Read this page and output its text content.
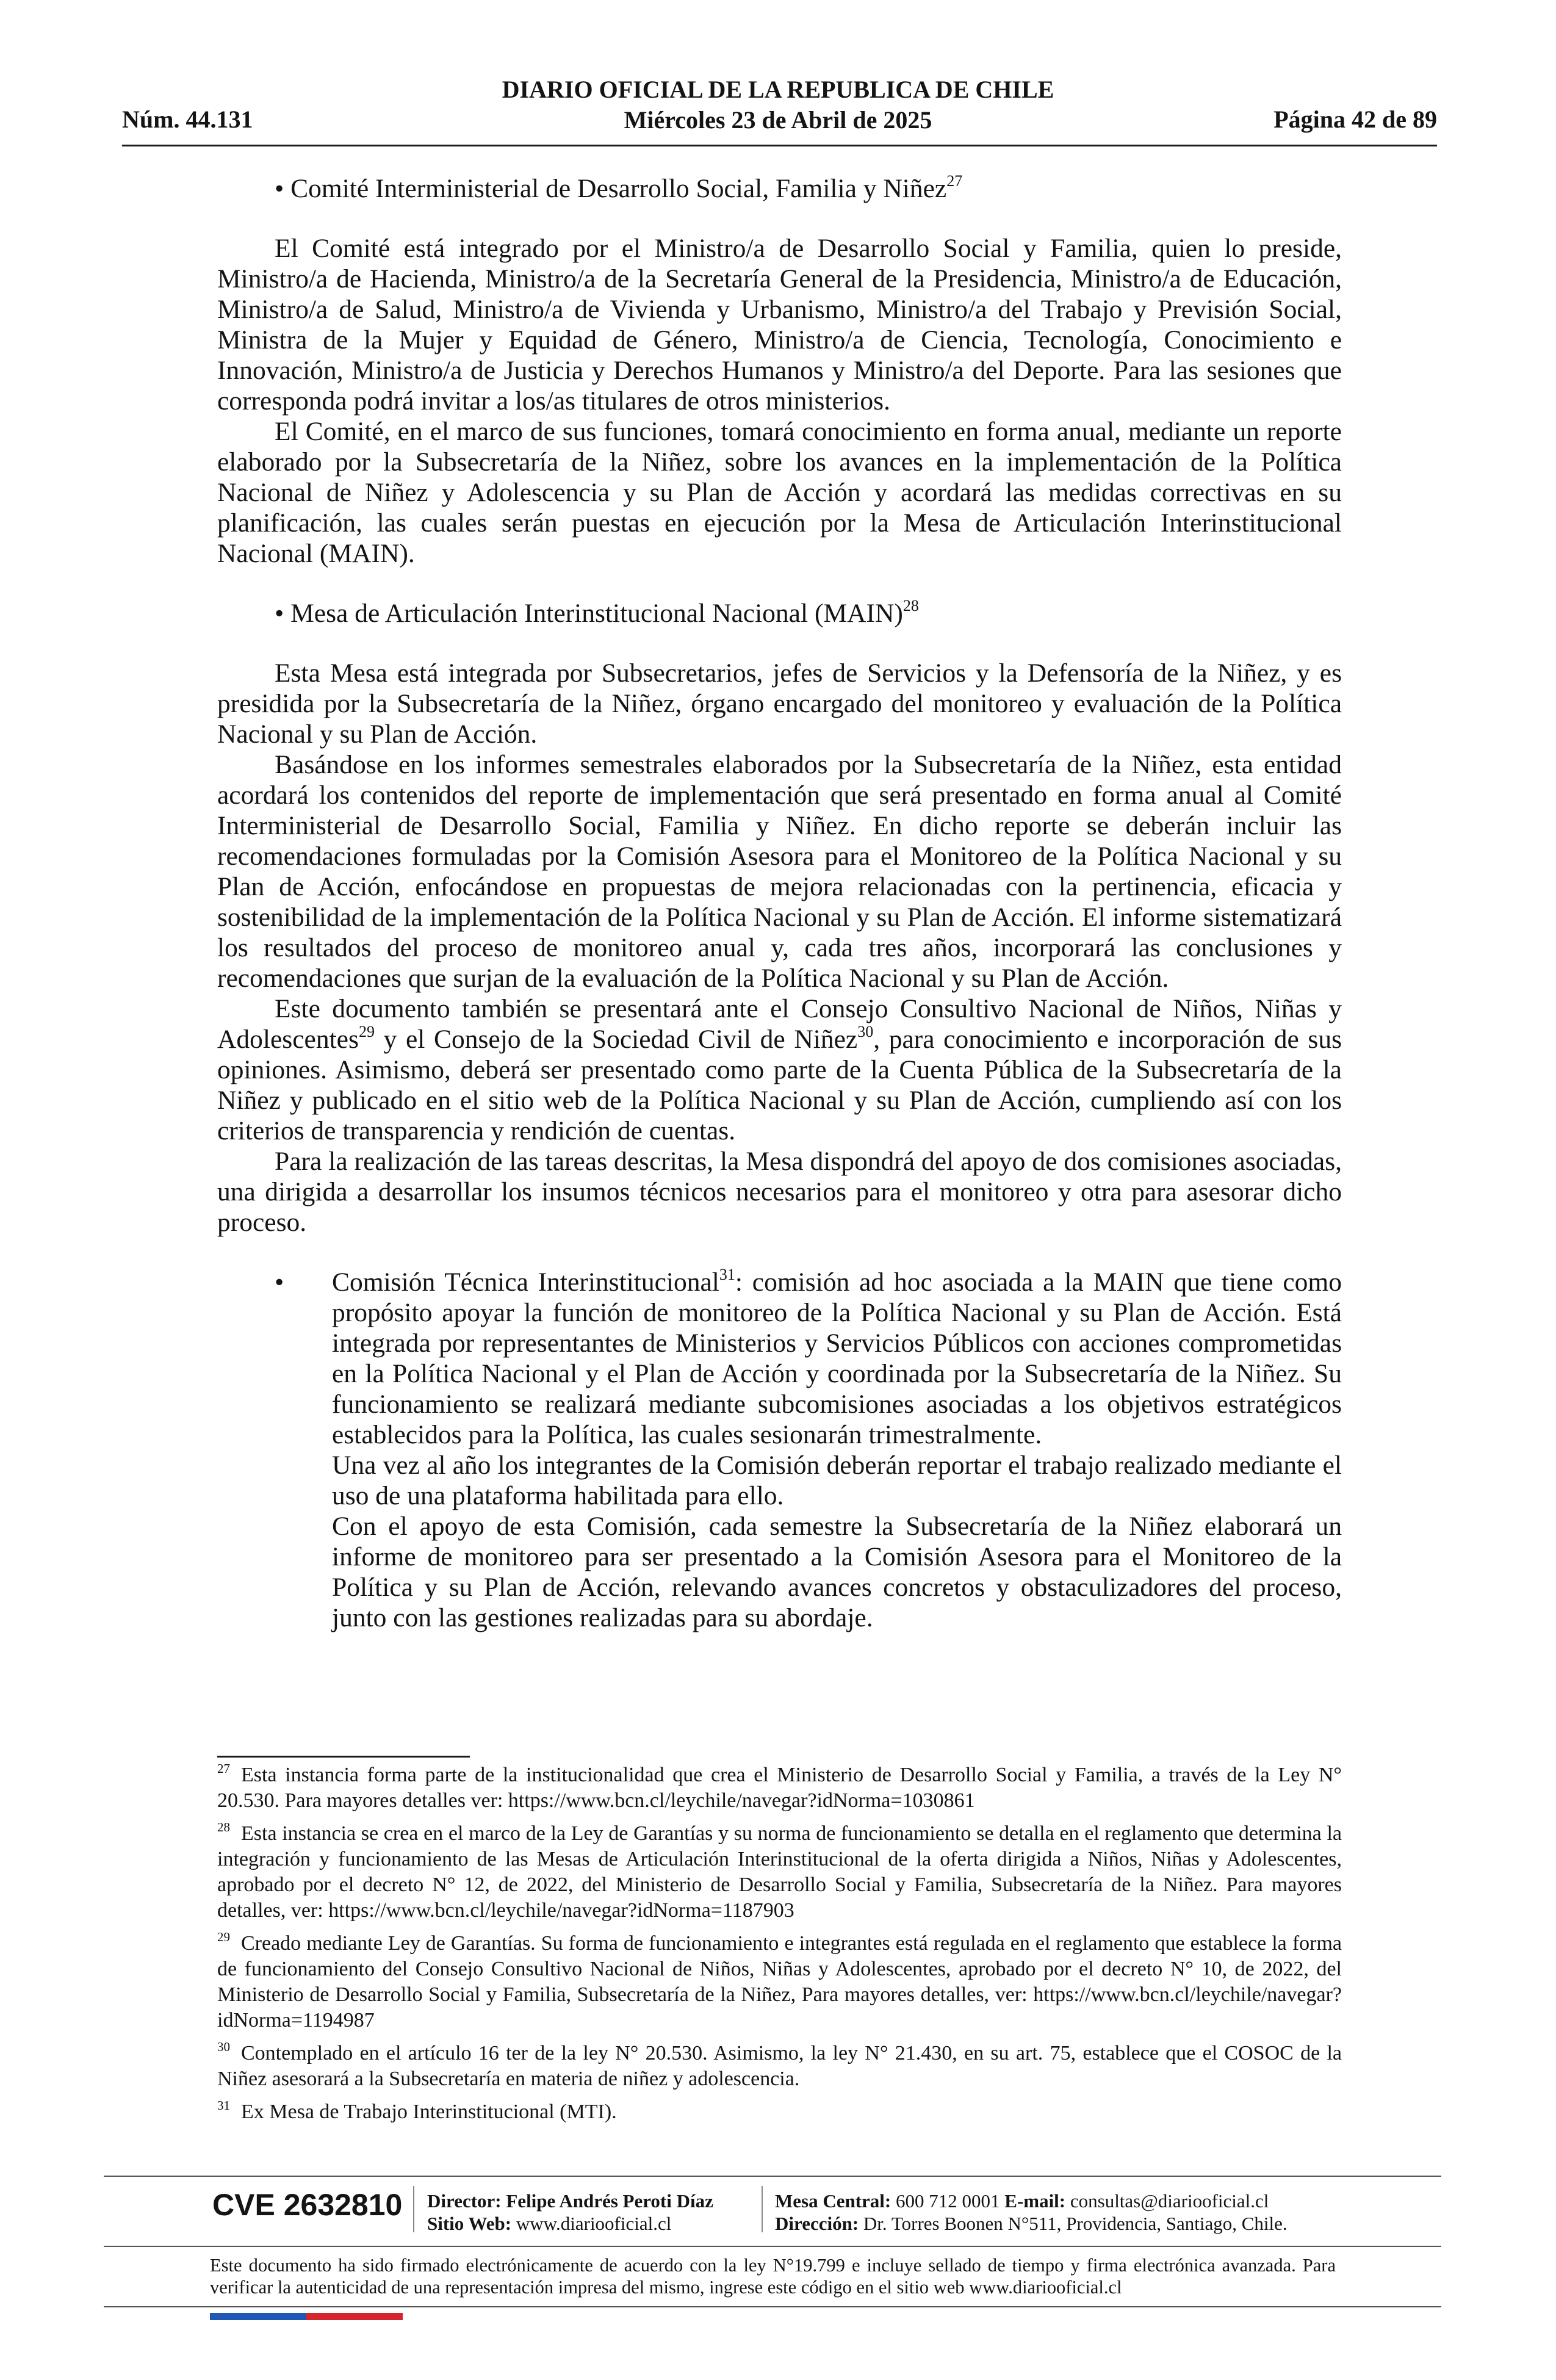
Núm. 44.131
DIARIO OFICIAL DE LA REPUBLICA DE CHILE
Miércoles 23 de Abril de 2025	Página 42 de 89

• Comité Interministerial de Desarrollo Social, Familia y Niñez$^{27}$

El Comité está integrado por el Ministro/a de Desarrollo Social y Familia, quien lo preside, Ministro/a de Hacienda, Ministro/a de la Secretaría General de la Presidencia, Ministro/a de Educación, Ministro/a de Salud, Ministro/a de Vivienda y Urbanismo, Ministro/a del Trabajo y Previsión Social, Ministra de la Mujer y Equidad de Género, Ministro/a de Ciencia, Tecnología, Conocimiento e Innovación, Ministro/a de Justicia y Derechos Humanos y Ministro/a del Deporte. Para las sesiones que corresponda podrá invitar a los/as titulares de otros ministerios.

El Comité, en el marco de sus funciones, tomará conocimiento en forma anual, mediante un reporte elaborado por la Subsecretaría de la Niñez, sobre los avances en la implementación de la Política Nacional de Niñez y Adolescencia y su Plan de Acción y acordará las medidas correctivas en su planificación, las cuales serán puestas en ejecución por la Mesa de Articulación Interinstitucional Nacional (MAIN).

• Mesa de Articulación Interinstitucional Nacional (MAIN)$^{28}$

Esta Mesa está integrada por Subsecretarios, jefes de Servicios y la Defensoría de la Niñez, y es presidida por la Subsecretaría de la Niñez, órgano encargado del monitoreo y evaluación de la Política Nacional y su Plan de Acción.

Basándose en los informes semestrales elaborados por la Subsecretaría de la Niñez, esta entidad acordará los contenidos del reporte de implementación que será presentado en forma anual al Comité Interministerial de Desarrollo Social, Familia y Niñez. En dicho reporte se deberán incluir las recomendaciones formuladas por la Comisión Asesora para el Monitoreo de la Política Nacional y su Plan de Acción, enfocándose en propuestas de mejora relacionadas con la pertinencia, eficacia y sostenibilidad de la implementación de la Política Nacional y su Plan de Acción. El informe sistematizará los resultados del proceso de monitoreo anual y, cada tres años, incorporará las conclusiones y recomendaciones que surjan de la evaluación de la Política Nacional y su Plan de Acción.

Este documento también se presentará ante el Consejo Consultivo Nacional de Niños, Niñas y Adolescentes$^{29}$ y el Consejo de la Sociedad Civil de Niñez$^{30}$, para conocimiento e incorporación de sus opiniones. Asimismo, deberá ser presentado como parte de la Cuenta Pública de la Subsecretaría de la Niñez y publicado en el sitio web de la Política Nacional y su Plan de Acción, cumpliendo así con los criterios de transparencia y rendición de cuentas.

Para la realización de las tareas descritas, la Mesa dispondrá del apoyo de dos comisiones asociadas, una dirigida a desarrollar los insumos técnicos necesarios para el monitoreo y otra para asesorar dicho proceso.

• Comisión Técnica Interinstitucional$^{31}$: comisión ad hoc asociada a la MAIN que tiene como propósito apoyar la función de monitoreo de la Política Nacional y su Plan de Acción. Está integrada por representantes de Ministerios y Servicios Públicos con acciones comprometidas en la Política Nacional y el Plan de Acción y coordinada por la Subsecretaría de la Niñez. Su funcionamiento se realizará mediante subcomisiones asociadas a los objetivos estratégicos establecidos para la Política, las cuales sesionarán trimestralmente.

Una vez al año los integrantes de la Comisión deberán reportar el trabajo realizado mediante el uso de una plataforma habilitada para ello.

Con el apoyo de esta Comisión, cada semestre la Subsecretaría de la Niñez elaborará un informe de monitoreo para ser presentado a la Comisión Asesora para el Monitoreo de la Política y su Plan de Acción, relevando avances concretos y obstaculizadores del proceso, junto con las gestiones realizadas para su abordaje.

$^{27}$ Esta instancia forma parte de la institucionalidad que crea el Ministerio de Desarrollo Social y Familia, a través de la Ley N° 20.530. Para mayores detalles ver: https://www.bcn.cl/leychile/navegar?idNorma=1030861

$^{28}$ Esta instancia se crea en el marco de la Ley de Garantías y su norma de funcionamiento se detalla en el reglamento que determina la integración y funcionamiento de las Mesas de Articulación Interinstitucional de la oferta dirigida a Niños, Niñas y Adolescentes, aprobado por el decreto N° 12, de 2022, del Ministerio de Desarrollo Social y Familia, Subsecretaría de la Niñez. Para mayores detalles, ver: https://www.bcn.cl/leychile/navegar?idNorma=1187903

$^{29}$ Creado mediante Ley de Garantías. Su forma de funcionamiento e integrantes está regulada en el reglamento que establece la forma de funcionamiento del Consejo Consultivo Nacional de Niños, Niñas y Adolescentes, aprobado por el decreto N° 10, de 2022, del Ministerio de Desarrollo Social y Familia, Subsecretaría de la Niñez, Para mayores detalles, ver: https://www.bcn.cl/leychile/navegar?idNorma=1194987

$^{30}$ Contemplado en el artículo 16 ter de la ley N° 20.530. Asimismo, la ley N° 21.430, en su art. 75, establece que el COSOC de la Niñez asesorará a la Subsecretaría en materia de niñez y adolescencia.

$^{31}$ Ex Mesa de Trabajo Interinstitucional (MTI).

CVE 2632810 Director: Felipe Andrés Peroti Díaz
Sitio Web: www.diariooficial.cl
Mesa Central: 600 712 0001 E-mail: consultas@diariooficial.cl
Dirección: Dr. Torres Boonen N°511, Providencia, Santiago, Chile.
Este documento ha sido firmado electrónicamente de acuerdo con la ley N°19.799 e incluye sellado de tiempo y firma electrónica avanzada. Para verificar la autenticidad de una representación impresa del mismo, ingrese este código en el sitio web www.diariooficial.cl
